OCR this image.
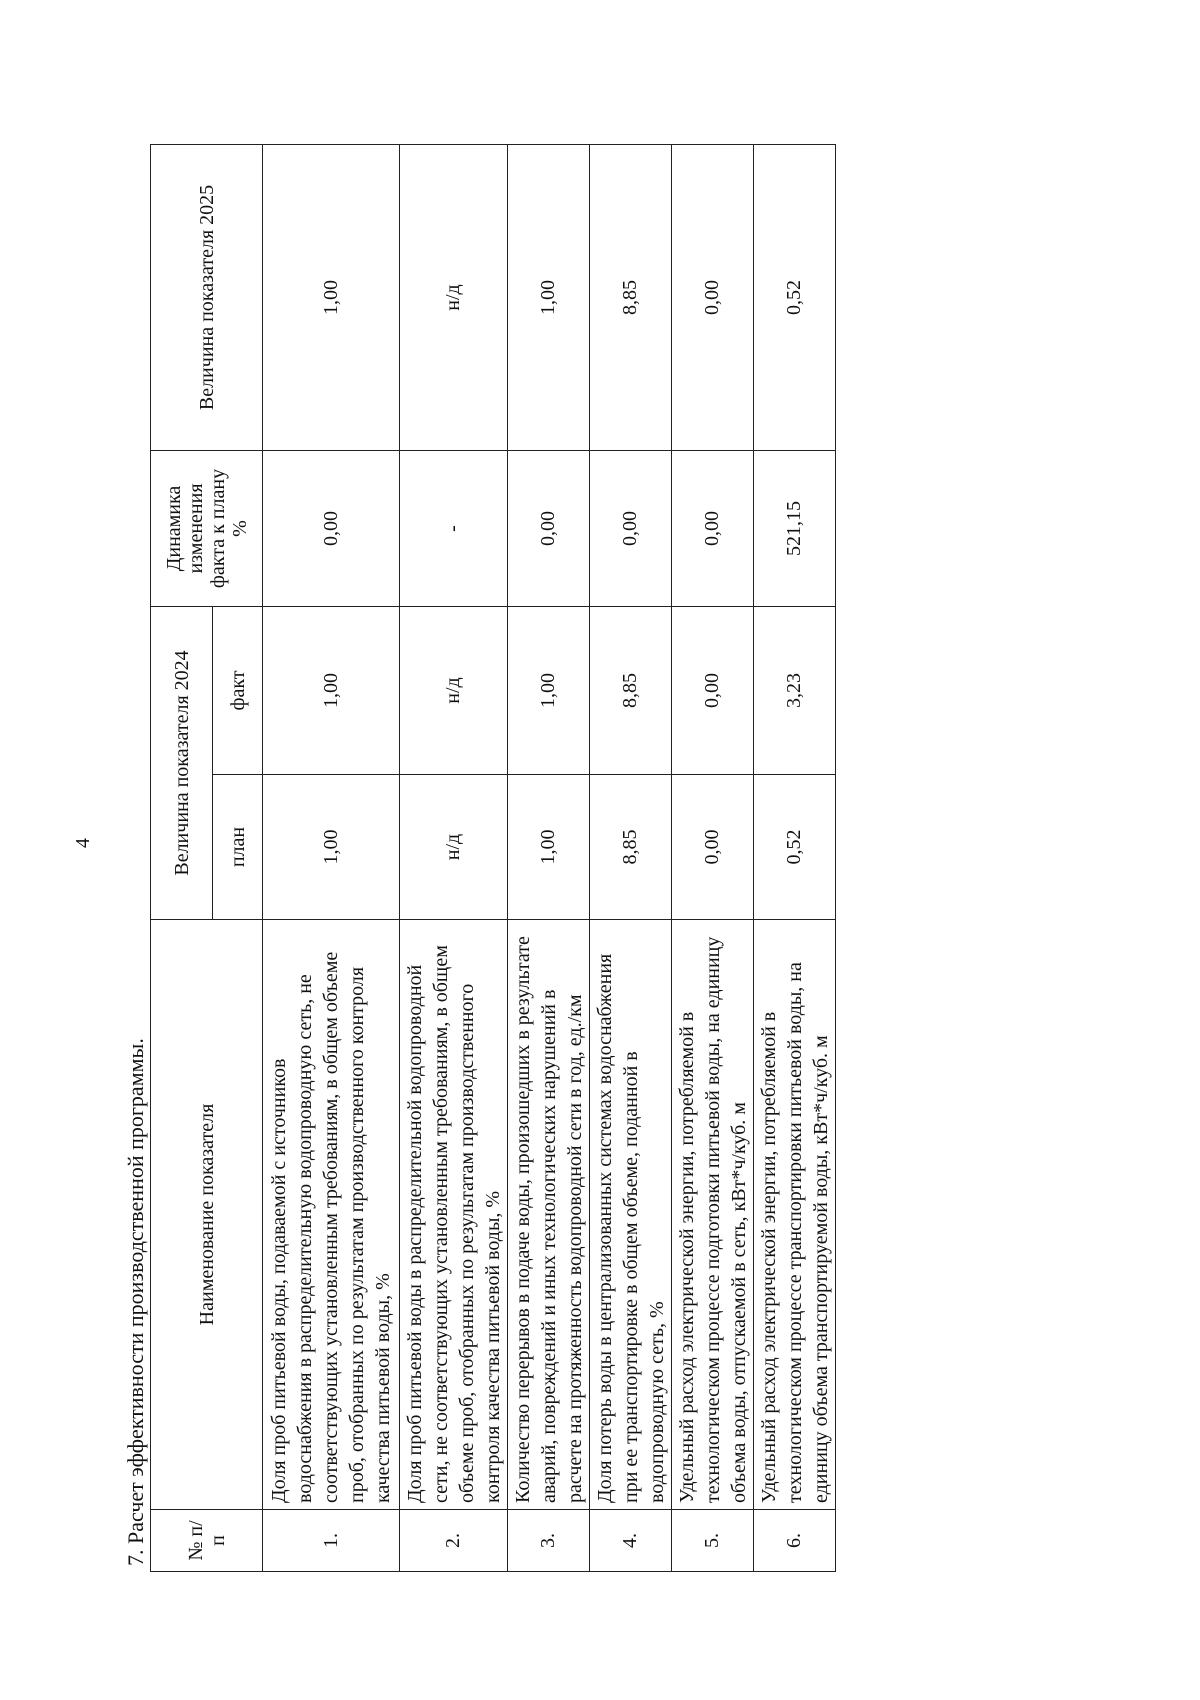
4
7. Расчет эффективности производственной программы. № п/п	Наименование показателя	Величина показателя 2024		Динамика изменения факта к плану %	Величина показателя 2025
		план	факт		
1.	Доля проб питьевой воды, подаваемой с источников водоснабжения в распределительную водопроводную сеть, не соответствующих установленным требованиям, в общем объеме проб, отобранных по результатам производственного контроля качества питьевой воды, %	1,00	1,00	0,00	1,00
2.	Доля проб питьевой воды в распределительной водопроводной сети, не соответствующих установленным требованиям, в общем объеме проб, отобранных по результатам производственного контроля качества питьевой воды, %	н/д	н/д	-	н/д
3.	Количество перерывов в подаче воды, произошедших в результате аварий, повреждений и иных технологических нарушений в расчете на протяженность водопроводной сети в год, ед./км	1,00	1,00	0,00	1,00
4.	Доля потерь воды в централизованных системах водоснабжения при ее транспортировке в общем объеме, поданной в водопроводную сеть, %	8,85	8,85	0,00	8,85
5.	Удельный расход электрической энергии, потребляемой в технологическом процессе подготовки питьевой воды, на единицу объема воды, отпускаемой в сеть, кВт*ч/куб. м	0,00	0,00	0,00	0,00
6.	Удельный расход электрической энергии, потребляемой в технологическом процессе транспортировки питьевой воды, на единицу объема транспортируемой воды, кВт*ч/куб. м	0,52	3,23	521,15	0,52
